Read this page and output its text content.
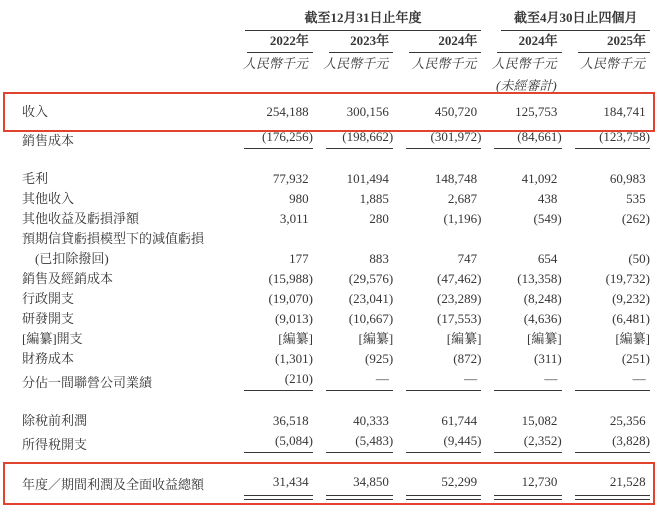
	截至12月31日止年度			截至4月30日止四個月	

	2022年	2023年	2024年	2024年	2025年

	人民幣千元	人民幣千元	人民幣千元	人民幣千元	人民幣千元
				(未經審計)	
收入	254,188	300,156	450,720	125,753	184,741
銷售成本	(176,256)	(198,662)	(301,972)	(84,661)	(123,758)

毛利	77,932	101,494	148,748	41,092	60,983
其他收入	980	1,885	2,687	438	535
其他收益及虧損淨額	3,011	280	(1,196)	(549)	(262)
預期信貸虧損模型下的減值虧損					
(已扣除撥回)	177	883	747	654	(50)
銷售及經銷成本	(15,988)	(29,576)	(47,462)	(13,358)	(19,732)
行政開支	(19,070)	(23,041)	(23,289)	(8,248)	(9,232)
研發開支	(9,013)	(10,667)	(17,553)	(4,636)	(6,481)
[編纂]開支	[編纂]	[編纂]	[編纂]	[編纂]	[編纂]
財務成本	(1,301)	(925)	(872)	(311)	(251)
分佔一間聯營公司業績	(210)	—	—	—	—

除稅前利潤	36,518	40,333	61,744	15,082	25,356
所得稅開支	(5,084)	(5,483)	(9,445)	(2,352)	(3,828)

年度／期間利潤及全面收益總額	31,434	34,850	52,299	12,730	21,528
